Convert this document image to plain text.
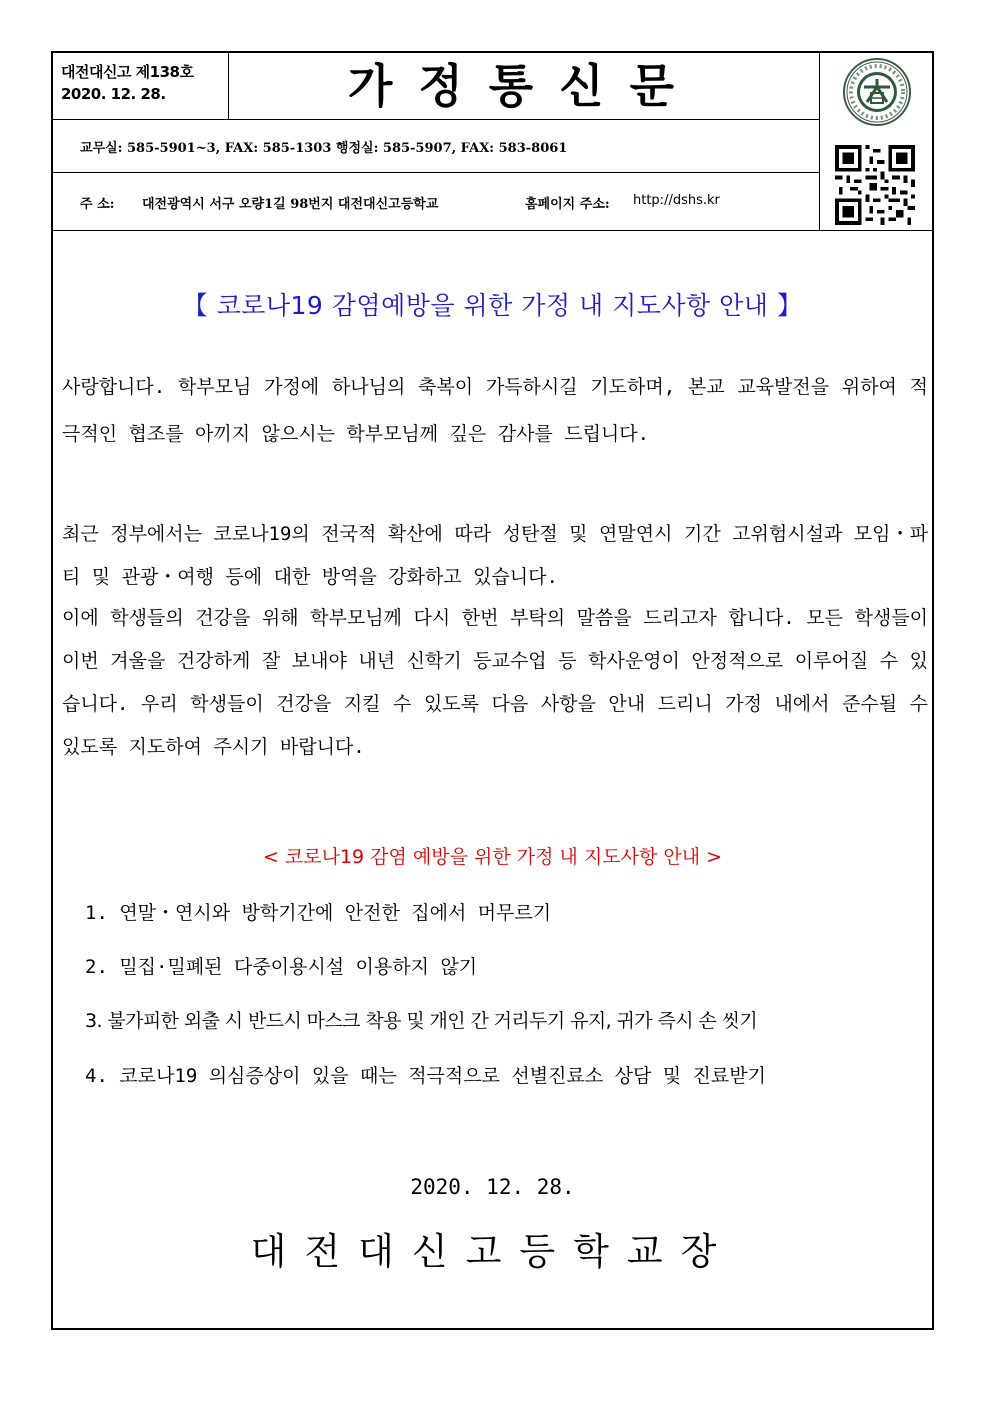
대전대신고 제138호
2020. 12. 28.	가정통신문
교무실: 585-5901~3, FAX: 585-1303 행정실: 585-5907, FAX: 583-8061
주 소: 대전광역시 서구 오량1길 98번지 대전대신고등학교	홈페이지 주소: http://dshs.kr
【 코로나19 감염예방을 위한 가정 내 지도사항 안내 】
사랑합니다. 학부모님 가정에 하나님의 축복이 가득하시길 기도하며, 본교 교육발전을 위하여 적극적인 협조를 아끼지 않으시는 학부모님께 깊은 감사를 드립니다.
최근 정부에서는 코로나19의 전국적 확산에 따라 성탄절 및 연말연시 기간 고위험시설과 모임・파티 및 관광・여행 등에 대한 방역을 강화하고 있습니다.
이에 학생들의 건강을 위해 학부모님께 다시 한번 부탁의 말씀을 드리고자 합니다. 모든 학생들이 이번 겨울을 건강하게 잘 보내야 내년 신학기 등교수업 등 학사운영이 안정적으로 이루어질 수 있습니다. 우리 학생들이 건강을 지킬 수 있도록 다음 사항을 안내 드리니 가정 내에서 준수될 수 있도록 지도하여 주시기 바랍니다.
< 코로나19 감염 예방을 위한 가정 내 지도사항 안내 >
1. 연말・연시와 방학기간에 안전한 집에서 머무르기
2. 밀집·밀폐된 다중이용시설 이용하지 않기
3. 불가피한 외출 시 반드시 마스크 착용 및 개인 간 거리두기 유지, 귀가 즉시 손 씻기
4. 코로나19 의심증상이 있을 때는 적극적으로 선별진료소 상담 및 진료받기
2020. 12. 28.
대전대신고등학교장
